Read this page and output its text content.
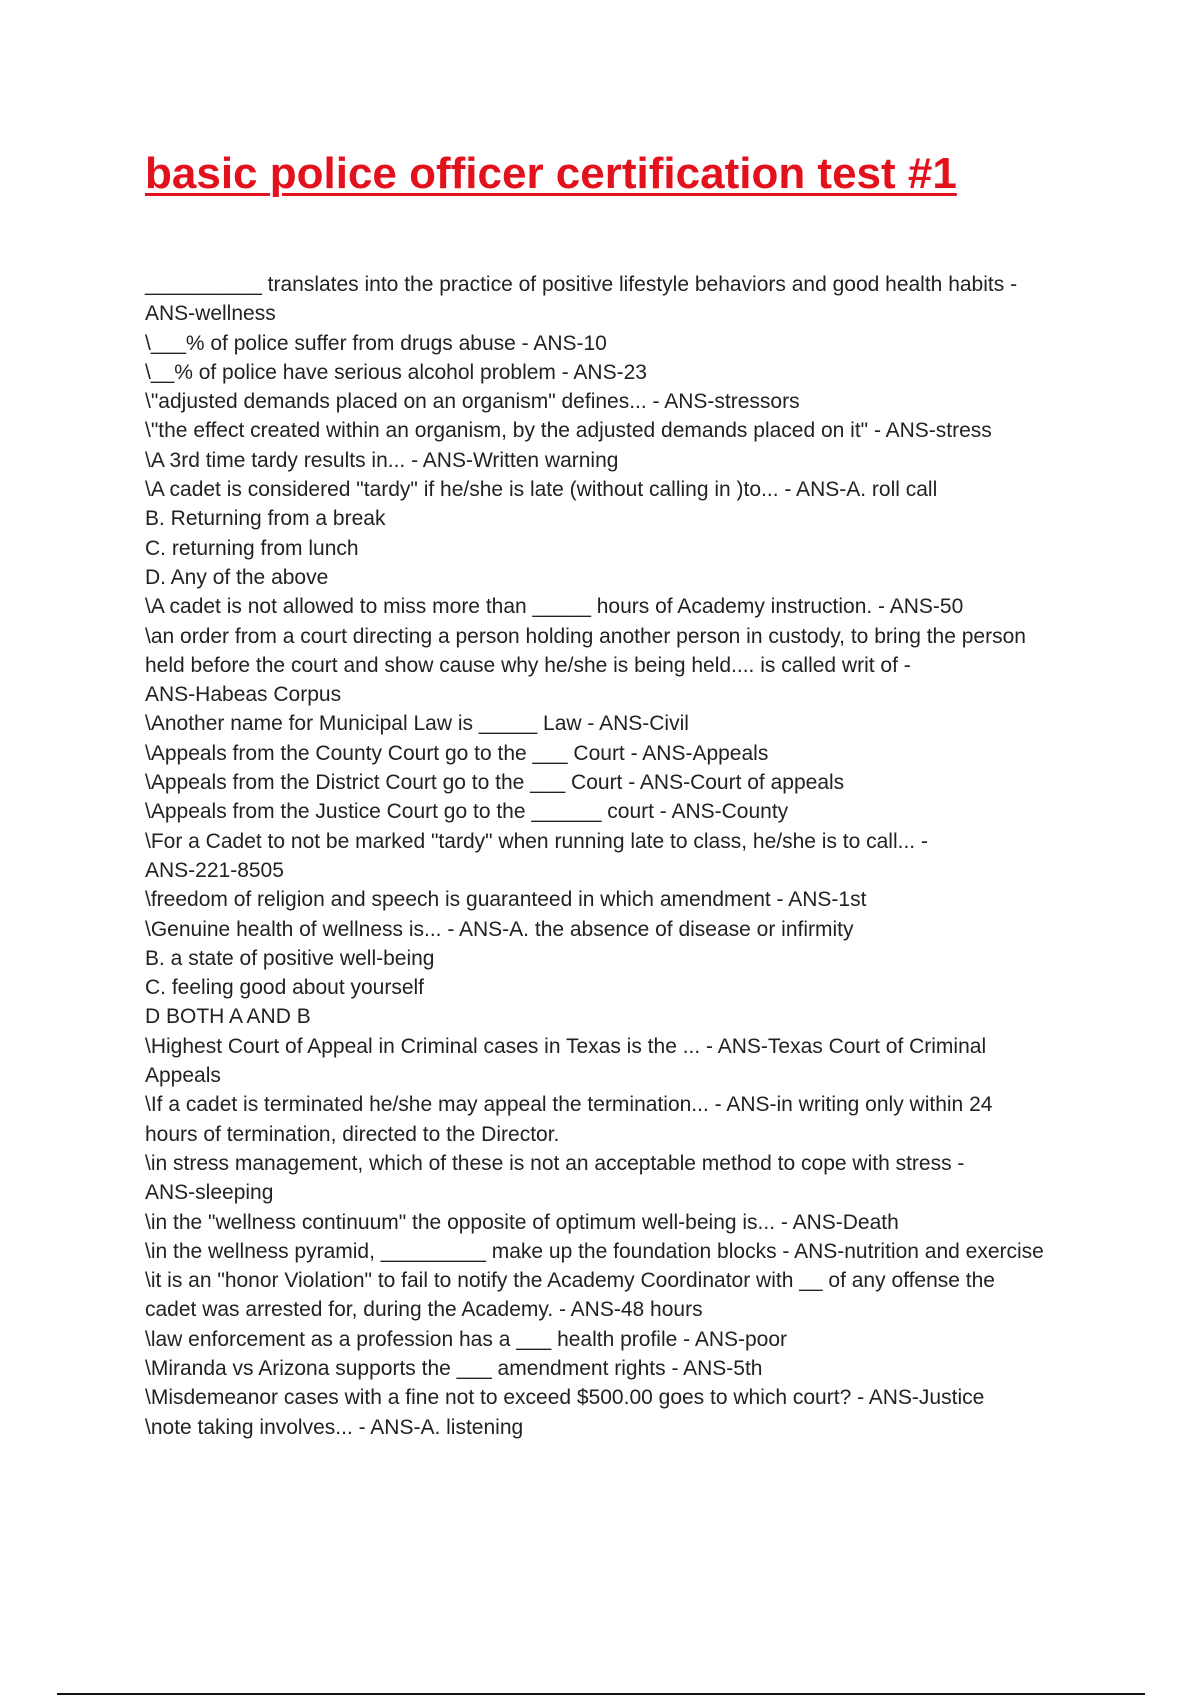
basic police officer certification test #1
__________ translates into the practice of positive lifestyle behaviors and good health habits -
ANS-wellness
\___% of police suffer from drugs abuse - ANS-10
\__% of police have serious alcohol problem - ANS-23
\"adjusted demands placed on an organism" defines... - ANS-stressors
\"the effect created within an organism, by the adjusted demands placed on it" - ANS-stress
\A 3rd time tardy results in... - ANS-Written warning
\A cadet is considered "tardy" if he/she is late (without calling in )to... - ANS-A. roll call
B. Returning from a break
C. returning from lunch
D. Any of the above
\A cadet is not allowed to miss more than _____ hours of Academy instruction. - ANS-50
\an order from a court directing a person holding another person in custody, to bring the person
held before the court and show cause why he/she is being held.... is called writ of -
ANS-Habeas Corpus
\Another name for Municipal Law is _____ Law - ANS-Civil
\Appeals from the County Court go to the ___ Court - ANS-Appeals
\Appeals from the District Court go to the ___ Court - ANS-Court of appeals
\Appeals from the Justice Court go to the ______ court - ANS-County
\For a Cadet to not be marked "tardy" when running late to class, he/she is to call... -
ANS-221-8505
\freedom of religion and speech is guaranteed in which amendment - ANS-1st
\Genuine health of wellness is... - ANS-A. the absence of disease or infirmity
B. a state of positive well-being
C. feeling good about yourself
D BOTH A AND B
\Highest Court of Appeal in Criminal cases in Texas is the ... - ANS-Texas Court of Criminal
Appeals
\If a cadet is terminated he/she may appeal the termination... - ANS-in writing only within 24
hours of termination, directed to the Director.
\in stress management, which of these is not an acceptable method to cope with stress -
ANS-sleeping
\in the "wellness continuum" the opposite of optimum well-being is... - ANS-Death
\in the wellness pyramid, _________ make up the foundation blocks - ANS-nutrition and exercise
\it is an "honor Violation" to fail to notify the Academy Coordinator with __ of any offense the
cadet was arrested for, during the Academy. - ANS-48 hours
\law enforcement as a profession has a ___ health profile - ANS-poor
\Miranda vs Arizona supports the ___ amendment rights - ANS-5th
\Misdemeanor cases with a fine not to exceed $500.00 goes to which court? - ANS-Justice
\note taking involves... - ANS-A. listening
